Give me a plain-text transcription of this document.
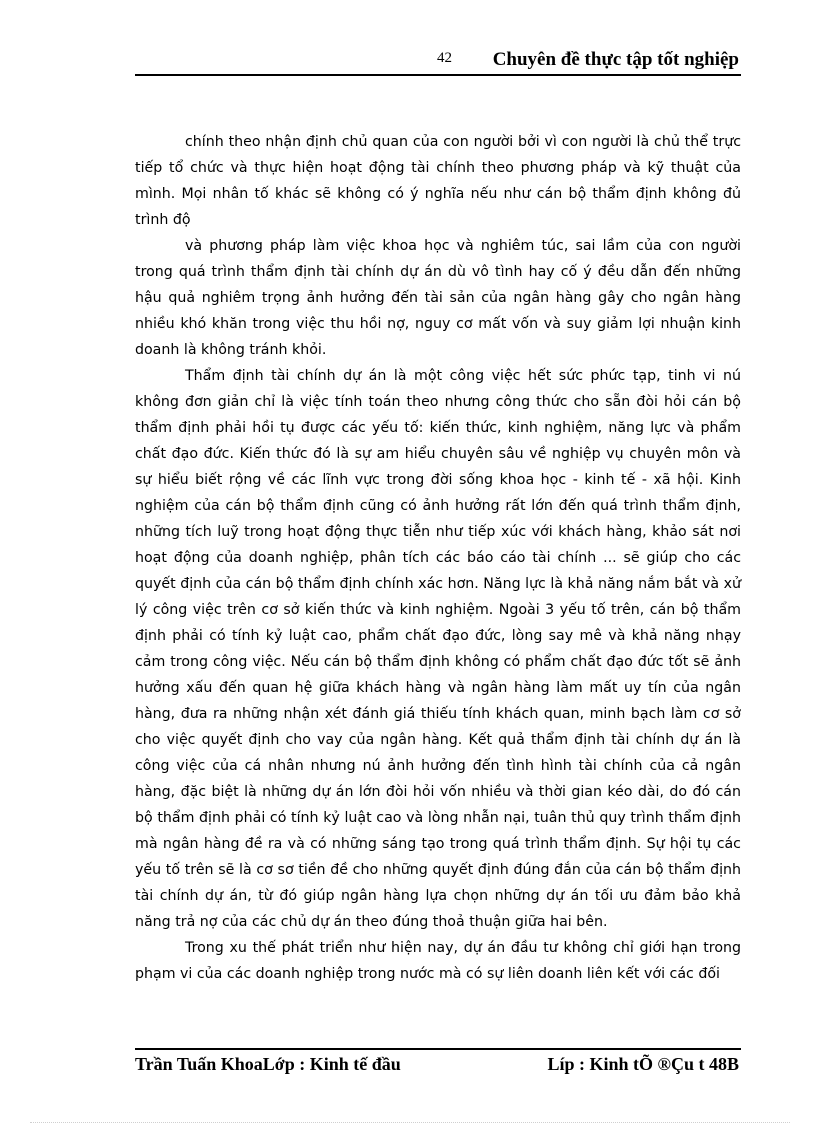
42 Chuyên đề thực tập tốt nghiệp

chính theo nhận định chủ quan của con người bởi vì con người là chủ thể trực tiếp tổ chức và thực hiện hoạt động tài chính theo phương pháp và kỹ thuật của mình. Mọi nhân tố khác sẽ không có ý nghĩa nếu như cán bộ thẩm định không đủ trình độ

và phương pháp làm việc khoa học và nghiêm túc, sai lầm của con người trong quá trình thẩm định tài chính dự án dù vô tình hay cố ý đều dẫn đến những hậu quả nghiêm trọng ảnh hưởng đến tài sản của ngân hàng gây cho ngân hàng nhiều khó khăn trong việc thu hồi nợ, nguy cơ mất vốn và suy giảm lợi nhuận kinh doanh là không tránh khỏi.

Thẩm định tài chính dự án là một công việc hết sức phức tạp, tinh vi nú không đơn giản chỉ là việc tính toán theo nhưng công thức cho sẵn đòi hỏi cán bộ thẩm định phải hồi tụ được các yếu tố: kiến thức, kinh nghiệm, năng lực và phẩm chất đạo đức. Kiến thức đó là sự am hiểu chuyên sâu về nghiệp vụ chuyên môn và sự hiểu biết rộng về các lĩnh vực trong đời sống khoa học - kinh tế - xã hội. Kinh nghiệm của cán bộ thẩm định cũng có ảnh hưởng rất lớn đến quá trình thẩm định, những tích luỹ trong hoạt động thực tiễn như tiếp xúc với khách hàng, khảo sát nơi hoạt động của doanh nghiệp, phân tích các báo cáo tài chính ... sẽ giúp cho các quyết định của cán bộ thẩm định chính xác hơn. Năng lực là khả năng nắm bắt và xử lý công việc trên cơ sở kiến thức và kinh nghiệm. Ngoài 3 yếu tố trên, cán bộ thẩm định phải có tính kỷ luật cao, phẩm chất đạo đức, lòng say mê và khả năng nhạy cảm trong công việc. Nếu cán bộ thẩm định không có phẩm chất đạo đức tốt sẽ ảnh hưởng xấu đến quan hệ giữa khách hàng và ngân hàng làm mất uy tín của ngân hàng, đưa ra những nhận xét đánh giá thiếu tính khách quan, minh bạch làm cơ sở cho việc quyết định cho vay của ngân hàng. Kết quả thẩm định tài chính dự án là công việc của cá nhân nhưng nú ảnh hưởng đến tình hình tài chính của cả ngân hàng, đặc biệt là những dự án lớn đòi hỏi vốn nhiều và thời gian kéo dài, do đó cán bộ thẩm định phải có tính kỷ luật cao và lòng nhẫn nại, tuân thủ quy trình thẩm định mà ngân hàng đề ra và có những sáng tạo trong quá trình thẩm định. Sự hội tụ các yếu tố trên sẽ là cơ sơ tiền đề cho những quyết định đúng đắn của cán bộ thẩm định tài chính dự án, từ đó giúp ngân hàng lựa chọn những dự án tối ưu đảm bảo khả năng trả nợ của các chủ dự án theo đúng thoả thuận giữa hai bên.

Trong xu thế phát triển như hiện nay, dự án đầu tư không chỉ giới hạn trong phạm vi của các doanh nghiệp trong nước mà có sự liên doanh liên kết với các đối

Trần Tuấn KhoaLớp : Kinh tế đầu	Líp : Kinh tÕ ®Çu t 48B
